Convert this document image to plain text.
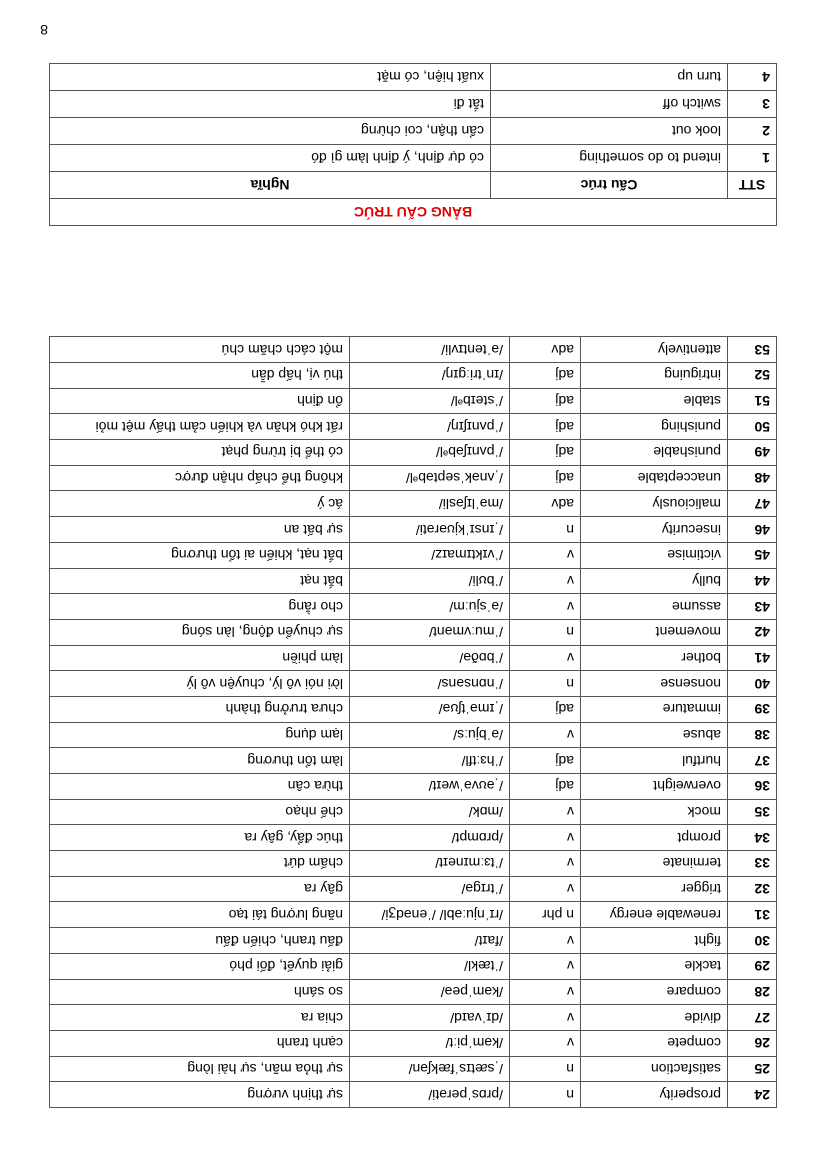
24	prosperity	n	/prɒsˈperəti/	sự thịnh vượng
25	satisfaction	n	/ˌsætɪsˈfækʃən/	sự thỏa mãn, sự hài lòng
26	compete	v	/kəmˈpiːt/	cạnh tranh
27	divide	v	/dɪˈvaɪd/	chia ra
28	compare	v	/kəmˈpeə/	so sánh
29	tackle	v	/ˈtækl/	giải quyết, đối phó
30	fight	v	/faɪt/	đấu tranh, chiến đấu
31	renewable energy	n phr	/rɪˈnjuːəbl/ /ˈenədʒi/	năng lượng tái tạo
32	trigger	v	/ˈtrɪɡə/	gây ra
33	terminate	v	/ˈtɜːmɪneɪt/	chấm dứt
34	prompt	v	/prɒmpt/	thúc đẩy, gây ra
35	mock	v	/mɒk/	chế nhạo
36	overweight	adj	/ˌəʊvəˈweɪt/	thừa cân
37	hurtful	adj	/ˈhɜːtfl/	làm tổn thương
38	abuse	v	/əˈbjuːs/	lạm dụng
39	immature	adj	/ˌɪməˈtʃʊə/	chưa trưởng thành
40	nonsense	n	/ˈnɒnsəns/	lời nói vô lý, chuyện vô lý
41	bother	v	/ˈbɒðə/	làm phiền
42	movement	n	/ˈmuːvmənt/	sự chuyển động, làn sóng
43	assume	v	/əˈsjuːm/	cho rằng
44	bully	v	/ˈbʊli/	bắt nạt
45	victimise	v	/ˈvɪktɪmaɪz/	bắt nạt, khiến ai tổn thương
46	insecurity	n	/ˌɪnsɪˈkjʊərəti/	sự bất an
47	maliciously	adv	/məˈlɪʃəsli/	ác ý
48	unacceptable	adj	/ˌʌnəkˈseptəbᵊl/	không thể chấp nhận được
49	punishable	adj	/ˈpʌnɪʃəbᵊl/	có thể bị trừng phạt
50	punishing	adj	/ˈpʌnɪʃɪŋ/	rất khó khăn và khiến cảm thấy mệt mỏi
51	stable	adj	/ˈsteɪbᵊl/	ổn định
52	intriguing	adj	/ɪnˈtriːɡɪŋ/	thú vị, hấp dẫn
53	attentively	adv	/əˈtentɪvli/	một cách chăm chú
BẢNG CẤU TRÚC		
STT	Cấu trúc	Nghĩa
1	intend to do something	có dự định, ý định làm gì đó
2	look out	cẩn thận, coi chừng
3	switch off	tắt đi
4	turn up	xuất hiện, có mặt
8
